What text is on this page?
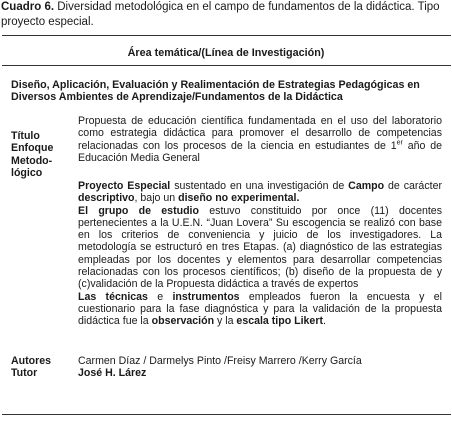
Cuadro 6. Diversidad metodológica en el campo de fundamentos de la didáctica. Tipo proyecto especial.
Área temática/(Línea de Investigación)
Diseño, Aplicación, Evaluación y Realimentación de Estrategias Pedagógicas en Diversos Ambientes de Aprendizaje/Fundamentos de la Didáctica
Título
Enfoque
Metodo-
lógico

Propuesta de educación científica fundamentada en el uso del laboratorio como estrategia didáctica para promover el desarrollo de competencias relacionadas con los procesos de la ciencia en estudiantes de 1er año de Educación Media General

Proyecto Especial sustentado en una investigación de Campo de carácter descriptivo, bajo un diseño no experimental.

El grupo de estudio estuvo constituido por once (11) docentes pertenecientes a la U.E.N. “Juan Lovera” Su escogencia se realizó con base en los criterios de conveniencia y juicio de los investigadores. La metodología se estructuró en tres Etapas. (a) diagnóstico de las estrategias empleadas por los docentes y elementos para desarrollar competencias relacionadas con los procesos científicos; (b) diseño de la propuesta de y (c)validación de la Propuesta didáctica a través de expertos

Las técnicas e instrumentos empleados fueron la encuesta y el cuestionario para la fase diagnóstica y para la validación de la propuesta didáctica fue la observación y la escala tipo Likert.

Autores
Tutor
Carmen Díaz / Darmelys Pinto /Freisy Marrero /Kerry García
José H. Lárez
